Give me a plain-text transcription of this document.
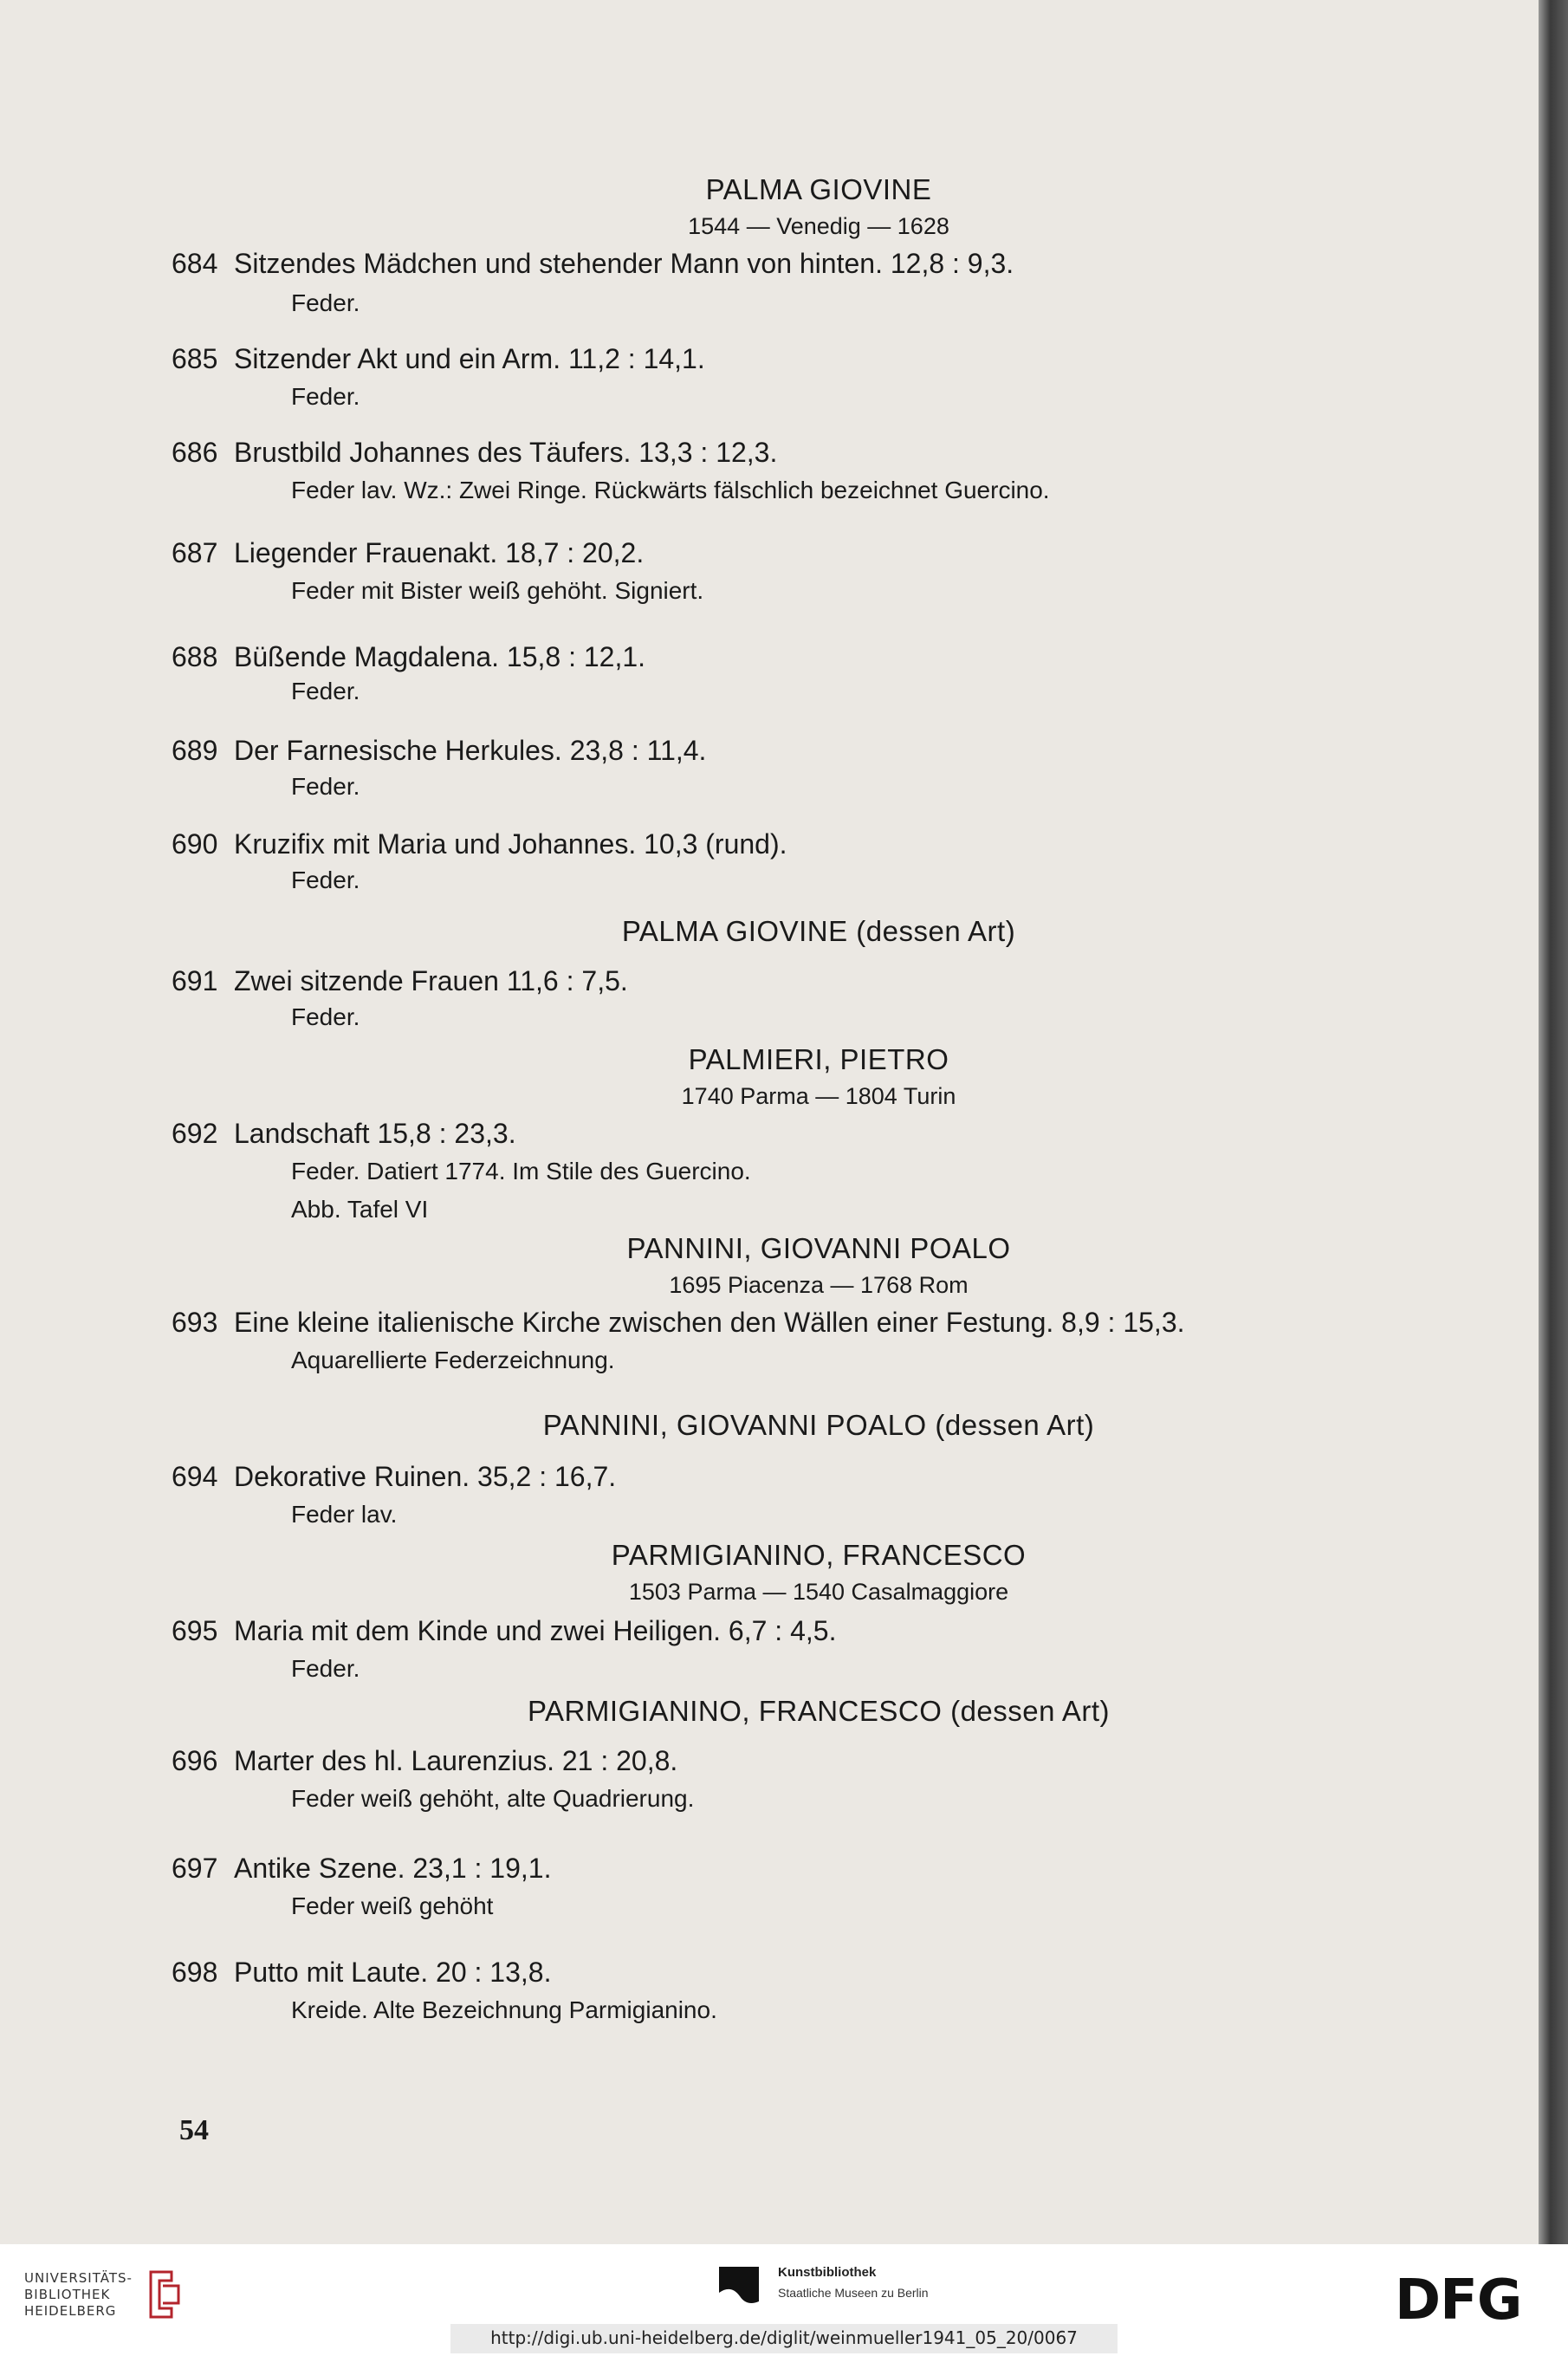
PALMA GIOVINE
1544 — Venedig — 1628
684 Sitzendes Mädchen und stehender Mann von hinten. 12,8 : 9,3.
Feder.
685 Sitzender Akt und ein Arm. 11,2 : 14,1.
Feder.
686 Brustbild Johannes des Täufers. 13,3 : 12,3.
Feder lav. Wz.: Zwei Ringe. Rückwärts fälschlich bezeichnet Guercino.
687 Liegender Frauenakt. 18,7 : 20,2.
Feder mit Bister weiß gehöht. Signiert.
688 Büßende Magdalena. 15,8 : 12,1.
Feder.
689 Der Farnesische Herkules. 23,8 : 11,4.
Feder.
690 Kruzifix mit Maria und Johannes. 10,3 (rund).
Feder.
PALMA GIOVINE (dessen Art)
691 Zwei sitzende Frauen 11,6 : 7,5.
Feder.
PALMIERI, PIETRO
1740 Parma — 1804 Turin
692 Landschaft 15,8 : 23,3.
Feder. Datiert 1774. Im Stile des Guercino.
Abb. Tafel VI
PANNINI, GIOVANNI POALO
1695 Piacenza — 1768 Rom
693 Eine kleine italienische Kirche zwischen den Wällen einer Festung. 8,9 : 15,3.
Aquarellierte Federzeichnung.
PANNINI, GIOVANNI POALO (dessen Art)
694 Dekorative Ruinen. 35,2 : 16,7.
Feder lav.
PARMIGIANINO, FRANCESCO
1503 Parma — 1540 Casalmaggiore
695 Maria mit dem Kinde und zwei Heiligen. 6,7 : 4,5.
Feder.
PARMIGIANINO, FRANCESCO (dessen Art)
696 Marter des hl. Laurenzius. 21 : 20,8.
Feder weiß gehöht, alte Quadrierung.
697 Antike Szene. 23,1 : 19,1.
Feder weiß gehöht
698 Putto mit Laute. 20 : 13,8.
Kreide. Alte Bezeichnung Parmigianino.
54
UNIVERSITÄTS-
BIBLIOTHEK
HEIDELBERG
Kunstbibliothek
Staatliche Museen zu Berlin	DFG
http://digi.ub.uni-heidelberg.de/diglit/weinmueller1941_05_20/0067
